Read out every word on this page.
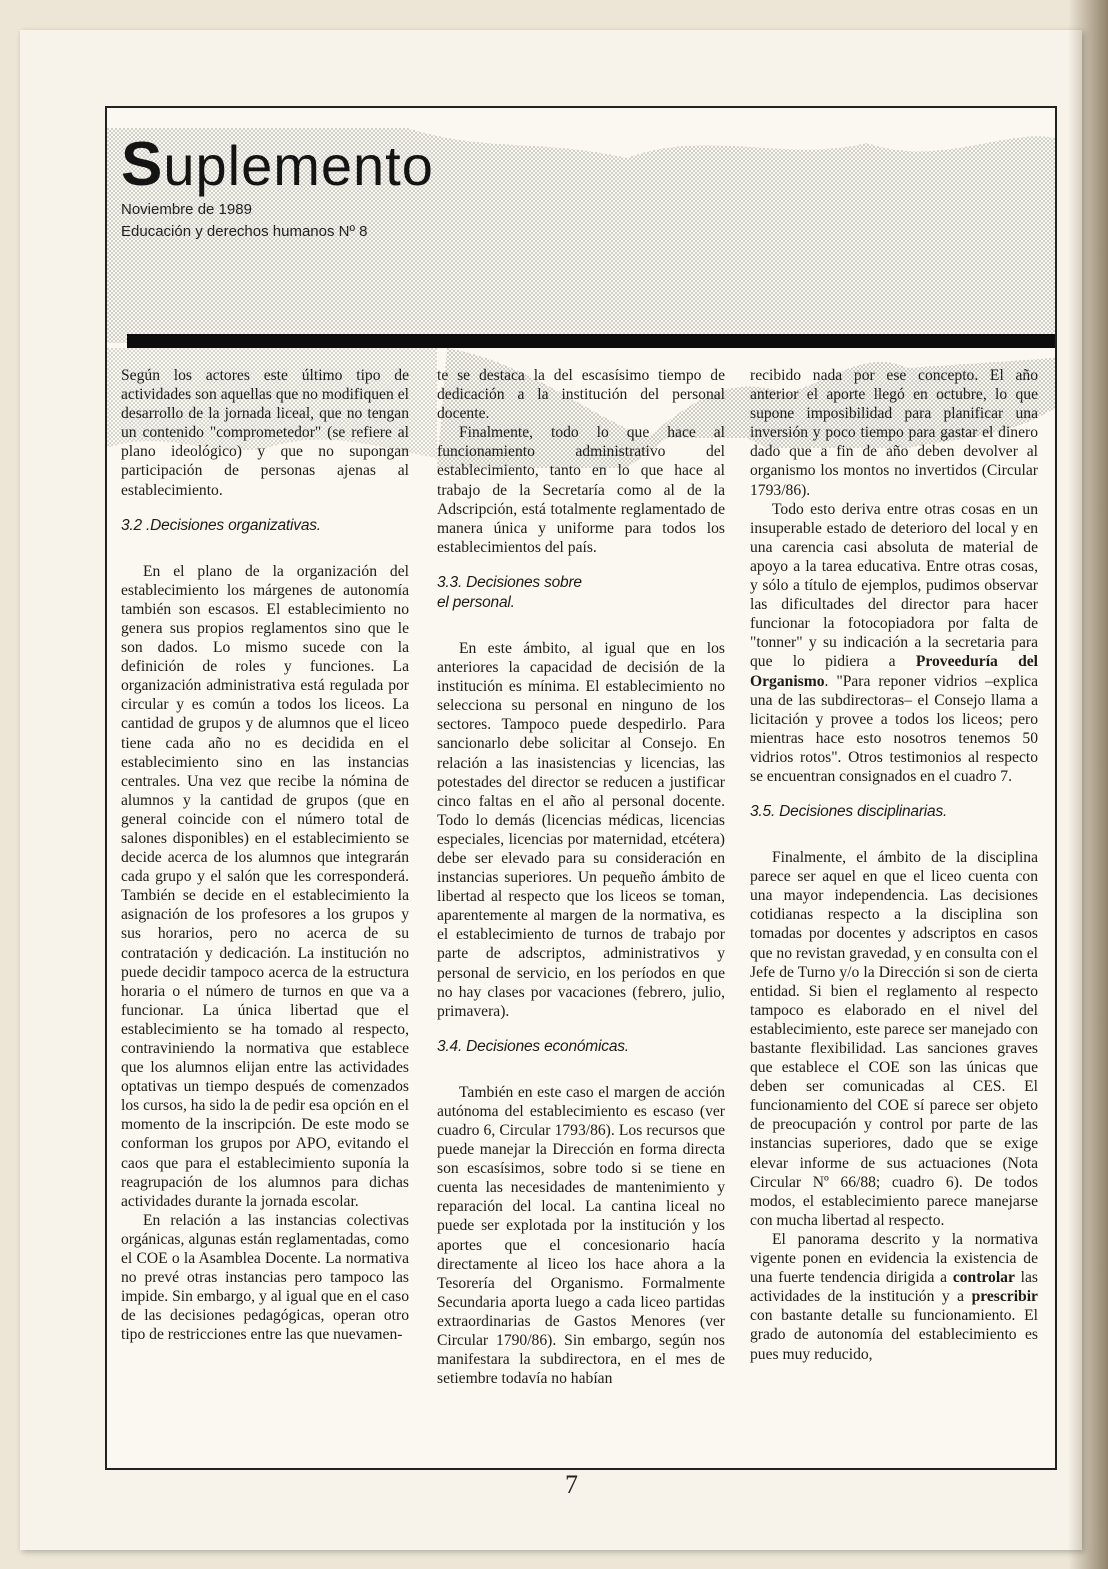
Suplemento
Noviembre de 1989
Educación y derechos humanos Nº 8

Según los actores este último tipo de actividades son aquellas que no modifiquen el desarrollo de la jornada liceal, que no tengan un contenido "comprometedor" (se refiere al plano ideológico) y que no supongan participación de personas ajenas al establecimiento.

3.2 .Decisiones organizativas.

En el plano de la organización del establecimiento los márgenes de autonomía también son escasos. El establecimiento no genera sus propios reglamentos sino que le son dados. Lo mismo sucede con la definición de roles y funciones. La organización administrativa está regulada por circular y es común a todos los liceos. La cantidad de grupos y de alumnos que el liceo tiene cada año no es decidida en el establecimiento sino en las instancias centrales. Una vez que recibe la nómina de alumnos y la cantidad de grupos (que en general coincide con el número total de salones disponibles) en el establecimiento se decide acerca de los alumnos que integrarán cada grupo y el salón que les corresponderá. También se decide en el establecimiento la asignación de los profesores a los grupos y sus horarios, pero no acerca de su contratación y dedicación. La institución no puede decidir tampoco acerca de la estructura horaria o el número de turnos en que va a funcionar. La única libertad que el establecimiento se ha tomado al respecto, contraviniendo la normativa que establece que los alumnos elijan entre las actividades optativas un tiempo después de comenzados los cursos, ha sido la de pedir esa opción en el momento de la inscripción. De este modo se conforman los grupos por APO, evitando el caos que para el establecimiento suponía la reagrupación de los alumnos para dichas actividades durante la jornada escolar.

En relación a las instancias colectivas orgánicas, algunas están reglamentadas, como el COE o la Asamblea Docente. La normativa no prevé otras instancias pero tampoco las impide. Sin embargo, y al igual que en el caso de las decisiones pedagógicas, operan otro tipo de restricciones entre las que nuevamen-

te se destaca la del escasísimo tiempo de dedicación a la institución del personal docente.

Finalmente, todo lo que hace al funcionamiento administrativo del establecimiento, tanto en lo que hace al trabajo de la Secretaría como al de la Adscripción, está totalmente reglamentado de manera única y uniforme para todos los establecimientos del país.

3.3. Decisiones sobre
el personal.

En este ámbito, al igual que en los anteriores la capacidad de decisión de la institución es mínima. El establecimiento no selecciona su personal en ninguno de los sectores. Tampoco puede despedirlo. Para sancionarlo debe solicitar al Consejo. En relación a las inasistencias y licencias, las potestades del director se reducen a justificar cinco faltas en el año al personal docente. Todo lo demás (licencias médicas, licencias especiales, licencias por maternidad, etcétera) debe ser elevado para su consideración en instancias superiores. Un pequeño ámbito de libertad al respecto que los liceos se toman, aparentemente al margen de la normativa, es el establecimiento de turnos de trabajo por parte de adscriptos, administrativos y personal de servicio, en los períodos en que no hay clases por vacaciones (febrero, julio, primavera).

3.4. Decisiones económicas.

También en este caso el margen de acción autónoma del establecimiento es escaso (ver cuadro 6, Circular 1793/86). Los recursos que puede manejar la Dirección en forma directa son escasísimos, sobre todo si se tiene en cuenta las necesidades de mantenimiento y reparación del local. La cantina liceal no puede ser explotada por la institución y los aportes que el concesionario hacía directamente al liceo los hace ahora a la Tesorería del Organismo. Formalmente Secundaria aporta luego a cada liceo partidas extraordinarias de Gastos Menores (ver Circular 1790/86). Sin embargo, según nos manifestara la subdirectora, en el mes de setiembre todavía no habían

recibido nada por ese concepto. El año anterior el aporte llegó en octubre, lo que supone imposibilidad para planificar una inversión y poco tiempo para gastar el dinero dado que a fin de año deben devolver al organismo los montos no invertidos (Circular 1793/86).

Todo esto deriva entre otras cosas en un insuperable estado de deterioro del local y en una carencia casi absoluta de material de apoyo a la tarea educativa. Entre otras cosas, y sólo a título de ejemplos, pudimos observar las dificultades del director para hacer funcionar la fotocopiadora por falta de "tonner" y su indicación a la secretaria para que lo pidiera a Proveeduría del Organismo. "Para reponer vidrios –explica una de las subdirectoras– el Consejo llama a licitación y provee a todos los liceos; pero mientras hace esto nosotros tenemos 50 vidrios rotos". Otros testimonios al respecto se encuentran consignados en el cuadro 7.

3.5. Decisiones disciplinarias.

Finalmente, el ámbito de la disciplina parece ser aquel en que el liceo cuenta con una mayor independencia. Las decisiones cotidianas respecto a la disciplina son tomadas por docentes y adscriptos en casos que no revistan gravedad, y en consulta con el Jefe de Turno y/o la Dirección si son de cierta entidad. Si bien el reglamento al respecto tampoco es elaborado en el nivel del establecimiento, este parece ser manejado con bastante flexibilidad. Las sanciones graves que establece el COE son las únicas que deben ser comunicadas al CES. El funcionamiento del COE sí parece ser objeto de preocupación y control por parte de las instancias superiores, dado que se exige elevar informe de sus actuaciones (Nota Circular Nº 66/88; cuadro 6). De todos modos, el establecimiento parece manejarse con mucha libertad al respecto.

El panorama descrito y la normativa vigente ponen en evidencia la existencia de una fuerte tendencia dirigida a controlar las actividades de la institución y a prescribir con bastante detalle su funcionamiento. El grado de autonomía del establecimiento es pues muy reducido,

7
